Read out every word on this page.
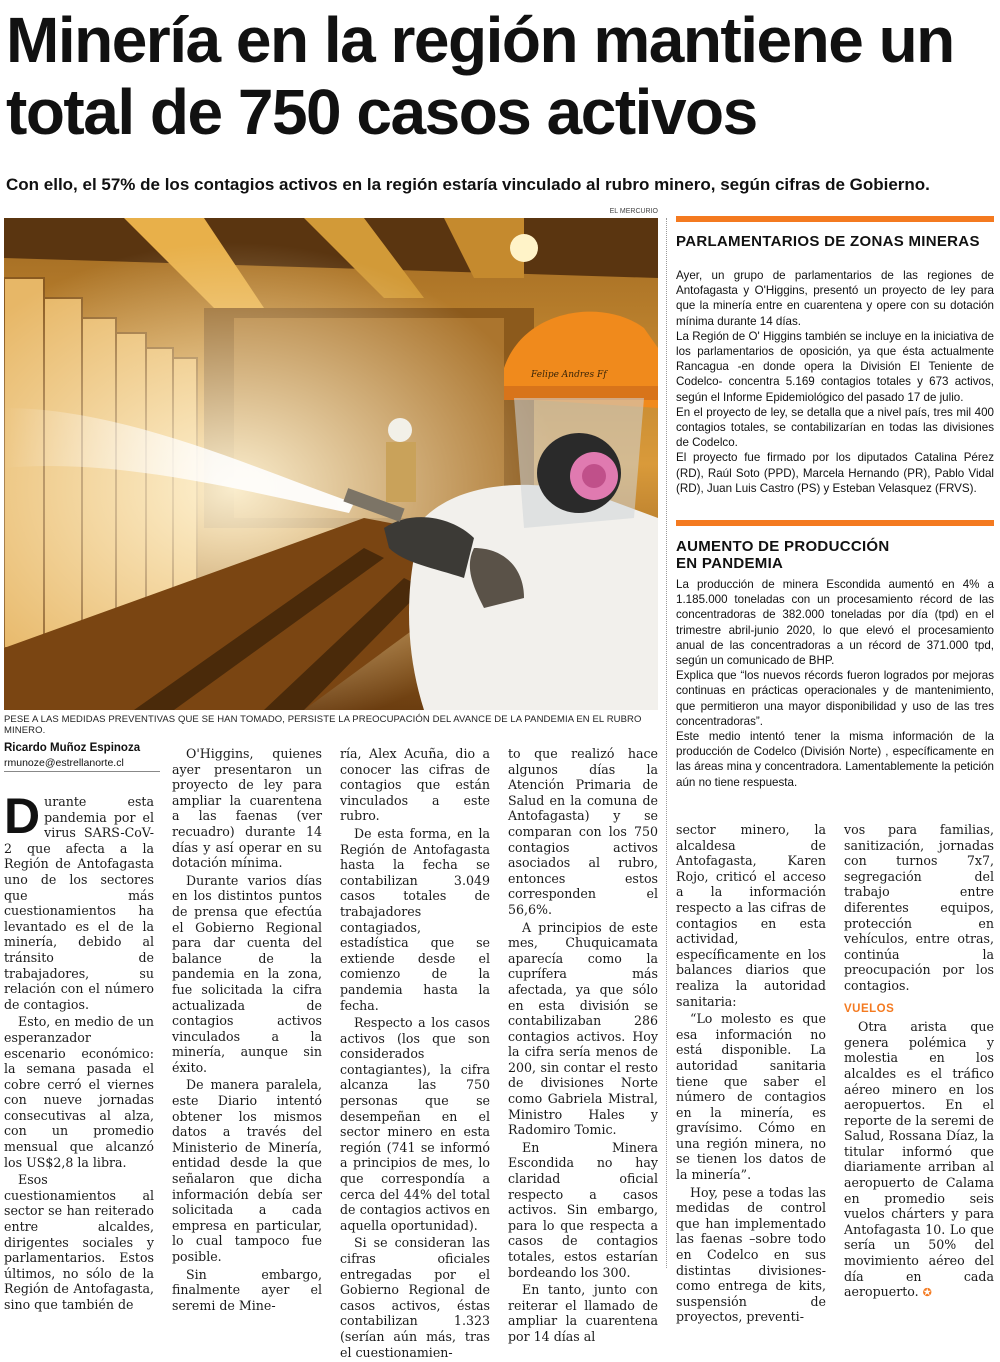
Minería en la región mantiene un total de 750 casos activos

Con ello, el 57% de los contagios activos en la región estaría vinculado al rubro minero, según cifras de Gobierno.

EL MERCURIO
Felipe Andres Ff
PESE A LAS MEDIDAS PREVENTIVAS QUE SE HAN TOMADO, PERSISTE LA PREOCUPACIÓN DEL AVANCE DE LA PANDEMIA EN EL RUBRO MINERO.
Ricardo Muñoz Espinoza
rmunoze@estrellanorte.cl

Durante esta pandemia por el virus SARS-CoV-2 que afecta a la Región de Antofagasta uno de los sectores que más cuestionamientos ha levantado es el de la minería, debido al tránsito de trabajadores, su relación con el número de contagios.

Esto, en medio de un esperanzador escenario económico: la semana pasada el cobre cerró el viernes con nueve jornadas consecutivas al alza, con un promedio mensual que alcanzó los US$2,8 la libra.

Esos cuestionamientos al sector se han reiterado entre alcaldes, dirigentes sociales y parlamentarios. Estos últimos, no sólo de la Región de Antofagasta, sino que también de

O'Higgins, quienes ayer presentaron un proyecto de ley para ampliar la cuarentena a las faenas (ver recuadro) durante 14 días y así operar en su dotación mínima.

Durante varios días en los distintos puntos de prensa que efectúa el Gobierno Regional para dar cuenta del balance de la pandemia en la zona, fue solicitada la cifra actualizada de contagios activos vinculados a la minería, aunque sin éxito.

De manera paralela, este Diario intentó obtener los mismos datos a través del Ministerio de Minería, entidad desde la que señalaron que dicha información debía ser solicitada a cada empresa en particular, lo cual tampoco fue posible.

Sin embargo, finalmente ayer el seremi de Mine-

ría, Alex Acuña, dio a conocer las cifras de contagios que están vinculados a este rubro.

De esta forma, en la Región de Antofagasta hasta la fecha se contabilizan 3.049 casos totales de trabajadores contagiados, estadística que se extiende desde el comienzo de la pandemia hasta la fecha.

Respecto a los casos activos (los que son considerados contagiantes), la cifra alcanza las 750 personas que se desempeñan en el sector minero en esta región (741 se informó a principios de mes, lo que correspondía a cerca del 44% del total de contagios activos en aquella oportunidad).

Si se consideran las cifras oficiales entregadas por el Gobierno Regional de casos activos, éstas contabilizan 1.323 (serían aún más, tras el cuestionamien-

to que realizó hace algunos días la Atención Primaria de Salud en la comuna de Antofagasta) y se comparan con los 750 contagios activos asociados al rubro, entonces estos corresponden el 56,6%.

A principios de este mes, Chuquicamata aparecía como la cuprífera más afectada, ya que sólo en esta división se contabilizaban 286 contagios activos. Hoy la cifra sería menos de 200, sin contar el resto de divisiones Norte como Gabriela Mistral, Ministro Hales y Radomiro Tomic.

En Minera Escondida no hay claridad oficial respecto a casos activos. Sin embargo, para lo que respecta a casos de contagios totales, estos estarían bordeando los 300.

En tanto, junto con reiterar el llamado de ampliar la cuarentena por 14 días al

sector minero, la alcaldesa de Antofagasta, Karen Rojo, criticó el acceso a la información respecto a las cifras de contagios en esta actividad, específicamente en los balances diarios que realiza la autoridad sanitaria:

“Lo molesto es que esa información no está disponible. La autoridad sanitaria tiene que saber el número de contagios en la minería, es gravísimo. Cómo en una región minera, no se tienen los datos de la minería”.

Hoy, pese a todas las medidas de control que han implementado las faenas –sobre todo en Codelco en sus distintas divisiones- como entrega de kits, suspensión de proyectos, preventi-

vos para familias, sanitización, jornadas con turnos 7x7, segregación del trabajo entre diferentes equipos, protección en vehículos, entre otras, continúa la preocupación por los contagios.

VUELOS

Otra arista que genera polémica y molestia en los alcaldes es el tráfico aéreo minero en los aeropuertos. En el reporte de la seremi de Salud, Rossana Díaz, la titular informó que diariamente arriban al aeropuerto de Calama en promedio seis vuelos chárters y para Antofagasta 10. Lo que sería un 50% del movimiento aéreo del día en cada aeropuerto. ✪

PARLAMENTARIOS DE ZONAS MINERAS

Ayer, un grupo de parlamentarios de las regiones de Antofagasta y O'Higgins, presentó un proyecto de ley para que la minería entre en cuarentena y opere con su dotación mínima durante 14 días.

La Región de O' Higgins también se incluye en la iniciativa de los parlamentarios de oposición, ya que ésta actualmente Rancagua -en donde opera la División El Teniente de Codelco- concentra 5.169 contagios totales y 673 activos, según el Informe Epidemiológico del pasado 17 de julio.

En el proyecto de ley, se detalla que a nivel país, tres mil 400 contagios totales, se contabilizarían en todas las divisiones de Codelco.

El proyecto fue firmado por los diputados Catalina Pérez (RD), Raúl Soto (PPD), Marcela Hernando (PR), Pablo Vidal (RD), Juan Luis Castro (PS) y Esteban Velasquez (FRVS).

AUMENTO DE PRODUCCIÓN EN PANDEMIA

La producción de minera Escondida aumentó en 4% a 1.185.000 toneladas con un procesamiento récord de las concentradoras de 382.000 toneladas por día (tpd) en el trimestre abril-junio 2020, lo que elevó el procesamiento anual de las concentradoras a un récord de 371.000 tpd, según un comunicado de BHP.

Explica que “los nuevos récords fueron logrados por mejoras continuas en prácticas operacionales y de mantenimiento, que permitieron una mayor disponibilidad y uso de las tres concentradoras”.

Este medio intentó tener la misma información de la producción de Codelco (División Norte) , específicamente en las áreas mina y concentradora. Lamentablemente la petición aún no tiene respuesta.
